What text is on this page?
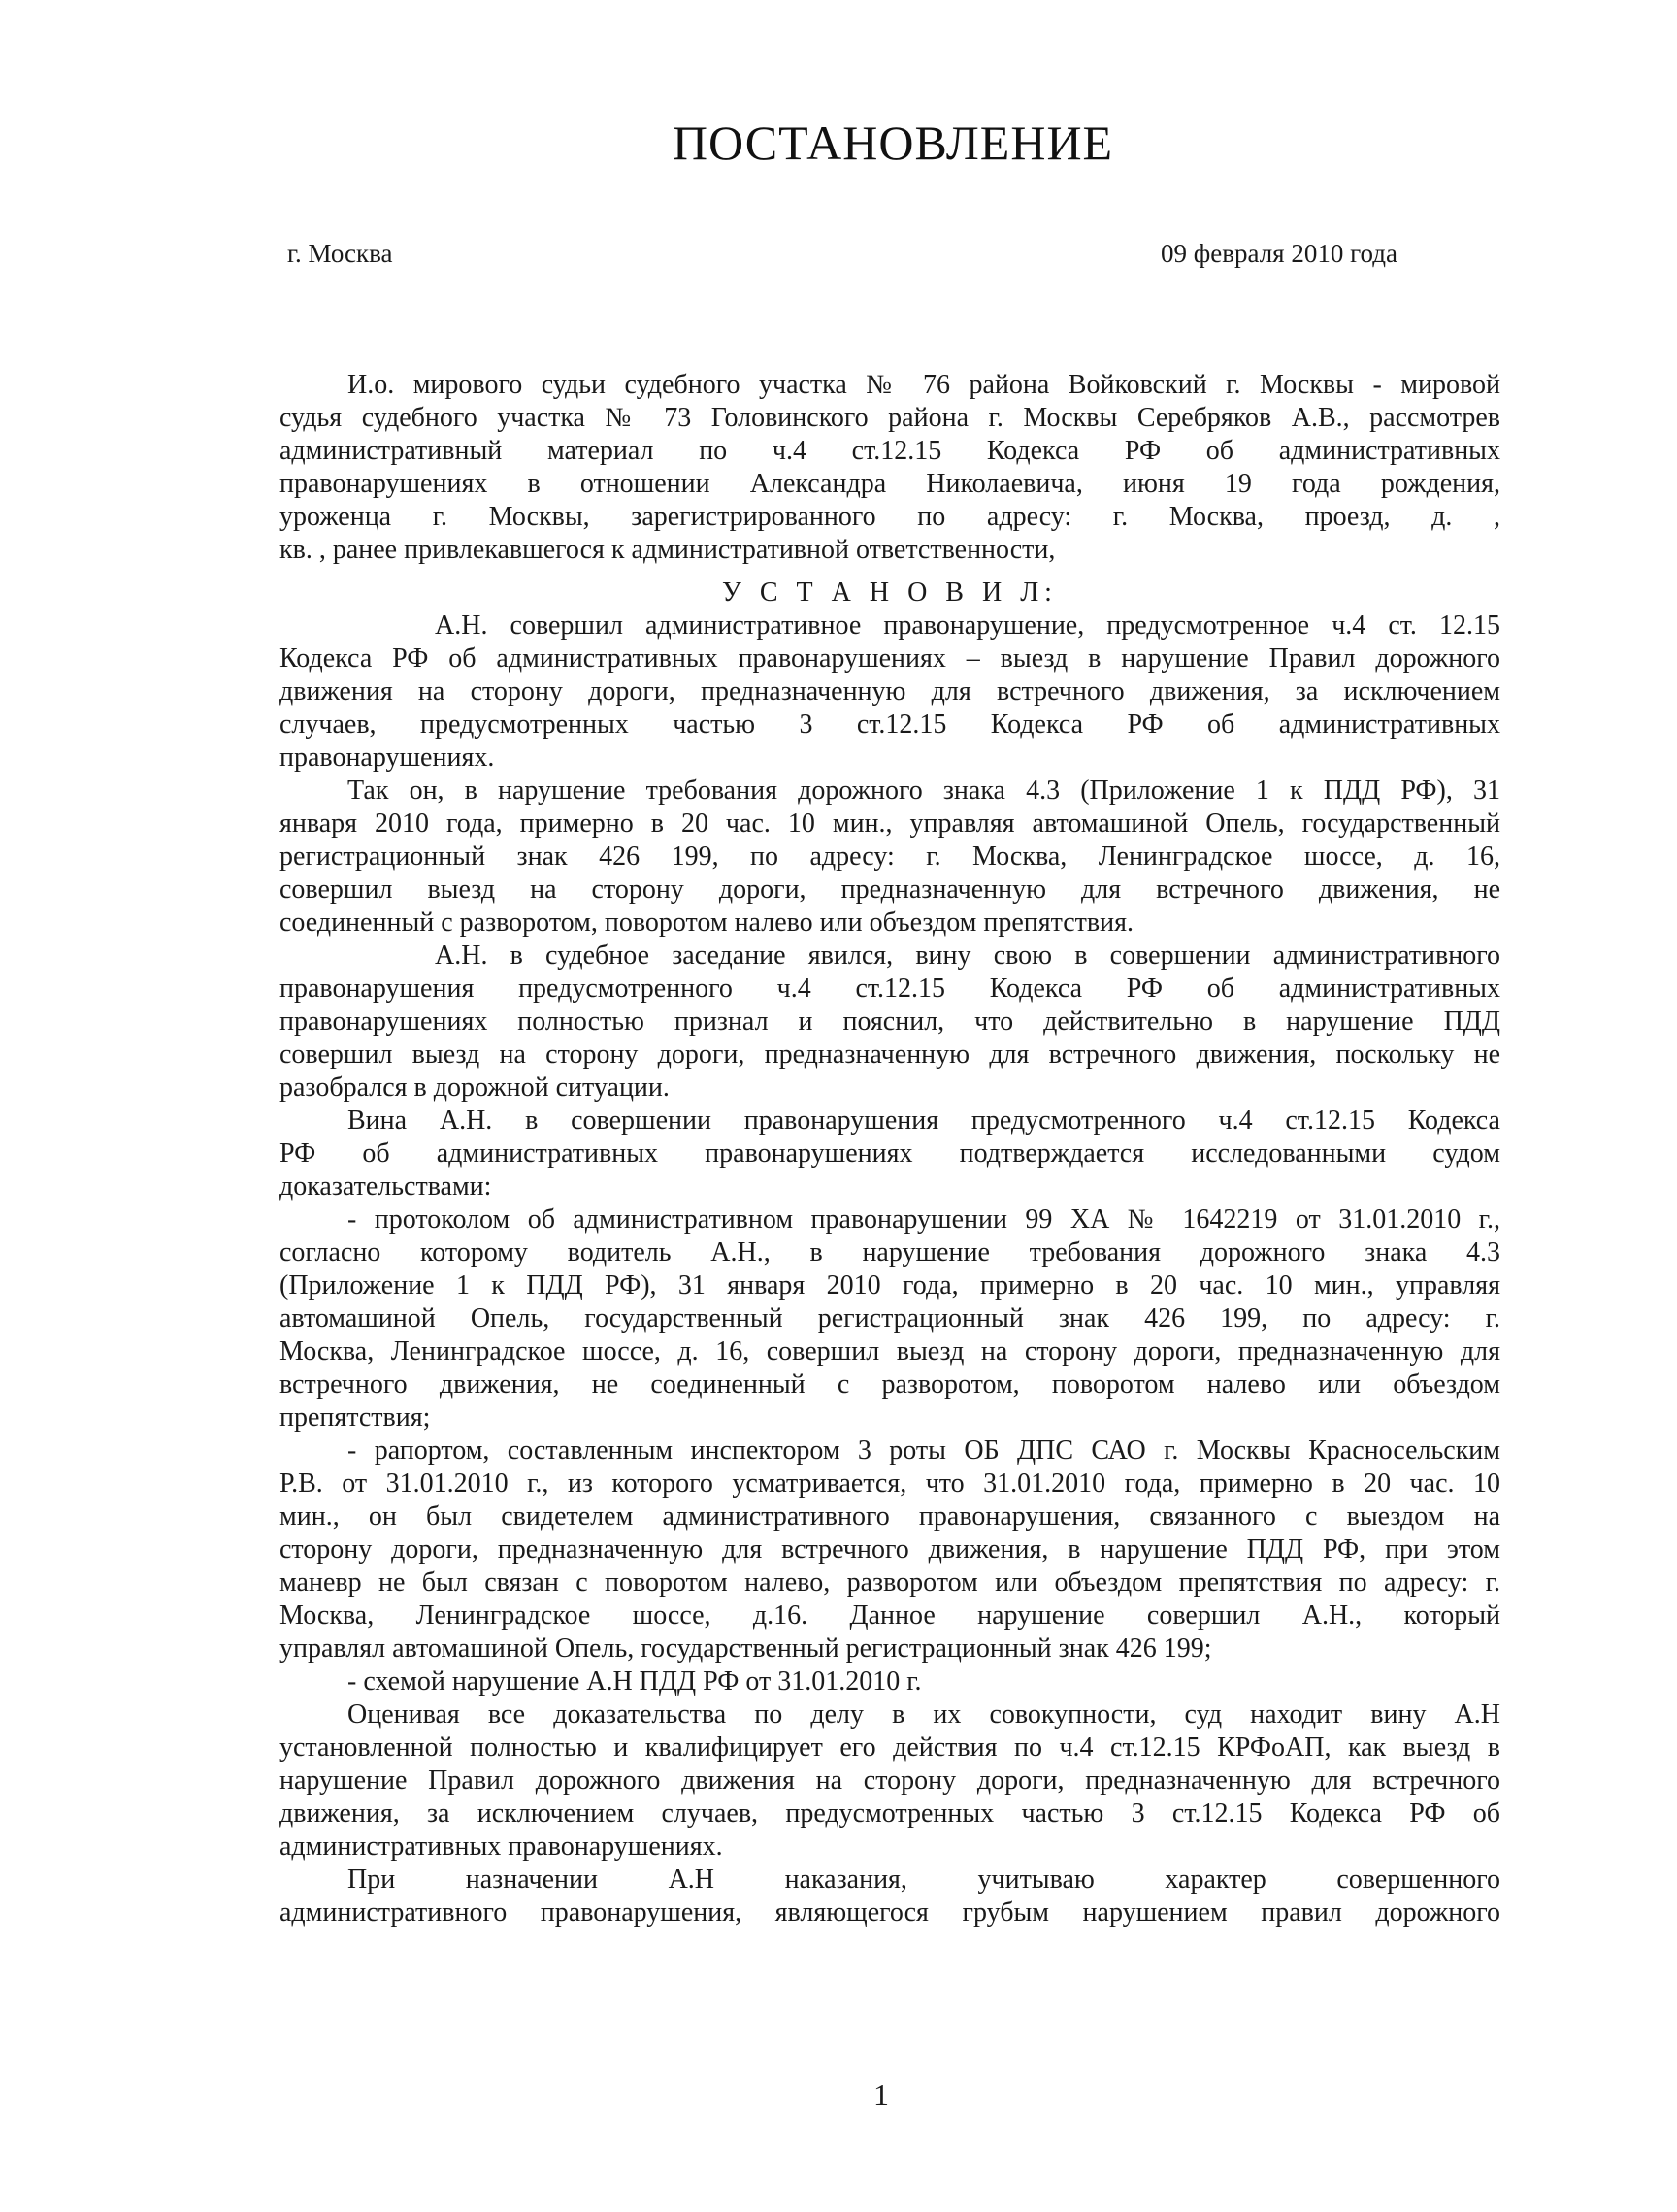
ПОСТАНОВЛЕНИЕ
г. Москва	09 февраля 2010 года
И.о. мирового судьи судебного участка № 76 района Войковский г. Москвы - мировой
судья судебного участка № 73 Головинского района г. Москвы Серебряков А.В., рассмотрев
административный материал по ч.4 ст.12.15 Кодекса РФ об административных
правонарушениях в отношении Александра Николаевича, июня 19 года рождения,
уроженца г. Москвы, зарегистрированного по адресу: г. Москва, проезд, д. ,
кв. , ранее привлекавшегося к административной ответственности,
У С Т А Н О В И Л:
А.Н. совершил административное правонарушение, предусмотренное ч.4 ст. 12.15
Кодекса РФ об административных правонарушениях – выезд в нарушение Правил дорожного
движения на сторону дороги, предназначенную для встречного движения, за исключением
случаев, предусмотренных частью 3 ст.12.15 Кодекса РФ об административных
правонарушениях.
Так он, в нарушение требования дорожного знака 4.3 (Приложение 1 к ПДД РФ), 31
января 2010 года, примерно в 20 час. 10 мин., управляя автомашиной Опель, государственный
регистрационный знак 426 199, по адресу: г. Москва, Ленинградское шоссе, д. 16,
совершил выезд на сторону дороги, предназначенную для встречного движения, не
соединенный с разворотом, поворотом налево или объездом препятствия.
А.Н. в судебное заседание явился, вину свою в совершении административного
правонарушения предусмотренного ч.4 ст.12.15 Кодекса РФ об административных
правонарушениях полностью признал и пояснил, что действительно в нарушение ПДД
совершил выезд на сторону дороги, предназначенную для встречного движения, поскольку не
разобрался в дорожной ситуации.
Вина А.Н. в совершении правонарушения предусмотренного ч.4 ст.12.15 Кодекса
РФ об административных правонарушениях подтверждается исследованными судом
доказательствами:
- протоколом об административном правонарушении 99 ХА № 1642219 от 31.01.2010 г.,
согласно которому водитель А.Н., в нарушение требования дорожного знака 4.3
(Приложение 1 к ПДД РФ), 31 января 2010 года, примерно в 20 час. 10 мин., управляя
автомашиной Опель, государственный регистрационный знак 426 199, по адресу: г.
Москва, Ленинградское шоссе, д. 16, совершил выезд на сторону дороги, предназначенную для
встречного движения, не соединенный с разворотом, поворотом налево или объездом
препятствия;
- рапортом, составленным инспектором 3 роты ОБ ДПС САО г. Москвы Красносельским
Р.В. от 31.01.2010 г., из которого усматривается, что 31.01.2010 года, примерно в 20 час. 10
мин., он был свидетелем административного правонарушения, связанного с выездом на
сторону дороги, предназначенную для встречного движения, в нарушение ПДД РФ, при этом
маневр не был связан с поворотом налево, разворотом или объездом препятствия по адресу: г.
Москва, Ленинградское шоссе, д.16. Данное нарушение совершил А.Н., который
управлял автомашиной Опель, государственный регистрационный знак 426 199;
- схемой нарушение А.Н ПДД РФ от 31.01.2010 г.
Оценивая все доказательства по делу в их совокупности, суд находит вину А.Н
установленной полностью и квалифицирует его действия по ч.4 ст.12.15 КРФоАП, как выезд в
нарушение Правил дорожного движения на сторону дороги, предназначенную для встречного
движения, за исключением случаев, предусмотренных частью 3 ст.12.15 Кодекса РФ об
административных правонарушениях.
При назначении А.Н наказания, учитываю характер совершенного
административного правонарушения, являющегося грубым нарушением правил дорожного
1
